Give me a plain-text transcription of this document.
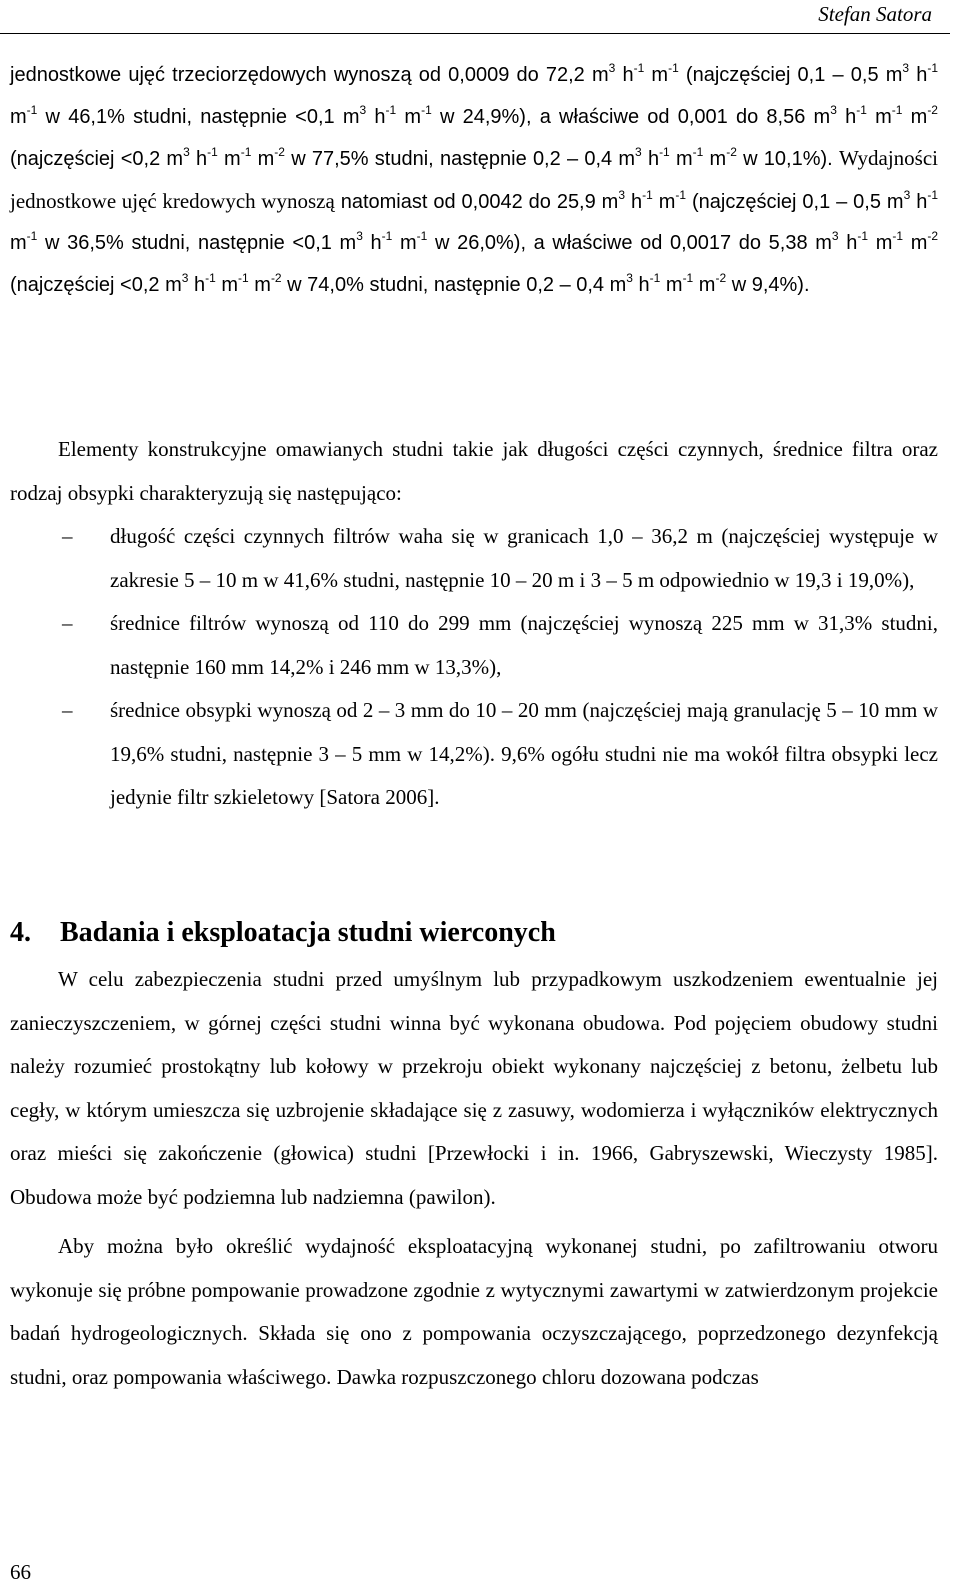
Stefan Satora

jednostkowe ujęć trzeciorzędowych wynoszą od 0,0009 do 72,2 $m^3$ $h^{-1}$ $m^{-1}$ (najczęściej 0,1 – 0,5 $m^3$ $h^{-1}$ $m^{-1}$ w 46,1% studni, następnie <0,1 $m^3$ $h^{-1}$ $m^{-1}$ w 24,9%), a właściwe od 0,001 do 8,56 $m^3$ $h^{-1}$ $m^{-1}$ $m^{-2}$ (najczęściej <0,2 $m^3$ $h^{-1}$ $m^{-1}$ $m^{-2}$ w 77,5% studni, następnie 0,2 – 0,4 $m^3$ $h^{-1}$ $m^{-1}$ $m^{-2}$ w 10,1%). Wydajności jednostkowe ujęć kredowych wynoszą natomiast od 0,0042 do 25,9 $m^3$ $h^{-1}$ $m^{-1}$ (najczęściej 0,1 – 0,5 $m^3$ $h^{-1}$ $m^{-1}$ w 36,5% studni, następnie <0,1 $m^3$ $h^{-1}$ $m^{-1}$ w 26,0%), a właściwe od 0,0017 do 5,38 $m^3$ $h^{-1}$ $m^{-1}$ $m^{-2}$ (najczęściej <0,2 $m^3$ $h^{-1}$ $m^{-1}$ $m^{-2}$ w 74,0% studni, następnie 0,2 – 0,4 $m^3$ $h^{-1}$ $m^{-1}$ $m^{-2}$ w 9,4%).

Elementy konstrukcyjne omawianych studni takie jak długości części czynnych, średnice filtra oraz rodzaj obsypki charakteryzują się następująco:

– długość części czynnych filtrów waha się w granicach 1,0 – 36,2 m (najczęściej występuje w zakresie 5 – 10 m w 41,6% studni, następnie 10 – 20 m i 3 – 5 m odpowiednio w 19,3 i 19,0%),
– średnice filtrów wynoszą od 110 do 299 mm (najczęściej wynoszą 225 mm w 31,3% studni, następnie 160 mm 14,2% i 246 mm w 13,3%),
– średnice obsypki wynoszą od 2 – 3 mm do 10 – 20 mm (najczęściej mają granulację 5 – 10 mm w 19,6% studni, następnie 3 – 5 mm w 14,2%). 9,6% ogółu studni nie ma wokół filtra obsypki lecz jedynie filtr szkieletowy [Satora 2006].
4.	Badania i eksploatacja studni wierconych

W celu zabezpieczenia studni przed umyślnym lub przypadkowym uszkodzeniem ewentualnie jej zanieczyszczeniem, w górnej części studni winna być wykonana obudowa. Pod pojęciem obudowy studni należy rozumieć prostokątny lub kołowy w przekroju obiekt wykonany najczęściej z betonu, żelbetu lub cegły, w którym umieszcza się uzbrojenie składające się z zasuwy, wodomierza i wyłączników elektrycznych oraz mieści się zakończenie (głowica) studni [Przewłocki i in. 1966, Gabryszewski, Wieczysty 1985]. Obudowa może być podziemna lub nadziemna (pawilon).

Aby można było określić wydajność eksploatacyjną wykonanej studni, po zafiltrowaniu otworu wykonuje się próbne pompowanie prowadzone zgodnie z wytycznymi zawartymi w zatwierdzonym projekcie badań hydrogeologicznych. Składa się ono z pompowania oczyszczającego, poprzedzonego dezynfekcją studni, oraz pompowania właściwego. Dawka rozpuszczonego chloru dozowana podczas

66
